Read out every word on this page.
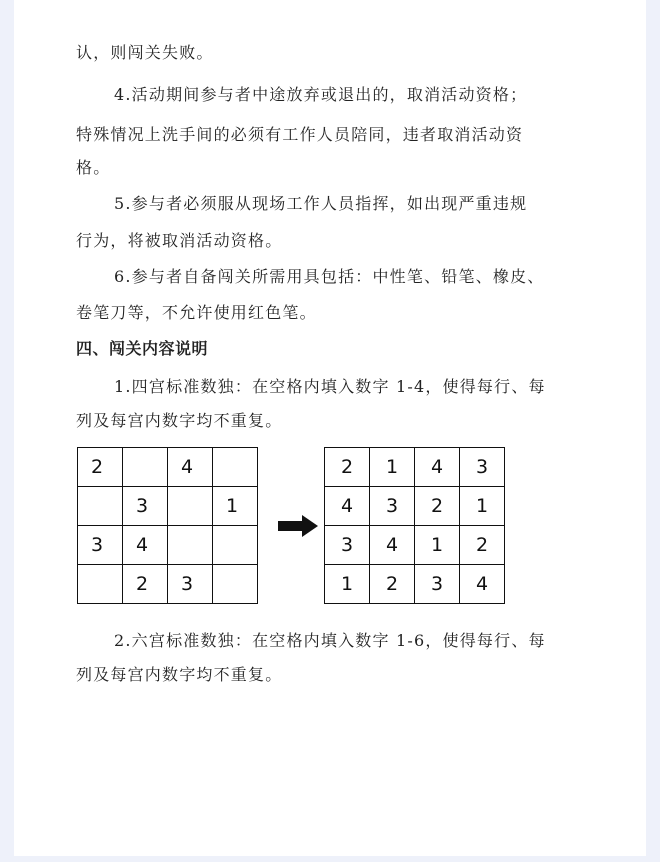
认，则闯关失败。
4.活动期间参与者中途放弃或退出的，取消活动资格；
特殊情况上洗手间的必须有工作人员陪同，违者取消活动资
格。
5.参与者必须服从现场工作人员指挥，如出现严重违规
行为，将被取消活动资格。
6.参与者自备闯关所需用具包括：中性笔、铅笔、橡皮、
卷笔刀等，不允许使用红色笔。
四、闯关内容说明
1.四宫标准数独：在空格内填入数字 1-4，使得每行、每
列及每宫内数字均不重复。
2		4	
	3		1
3	4		
	2	3	
2	1	4	3
4	3	2	1
3	4	1	2
1	2	3	4
2.六宫标准数独：在空格内填入数字 1-6，使得每行、每
列及每宫内数字均不重复。
